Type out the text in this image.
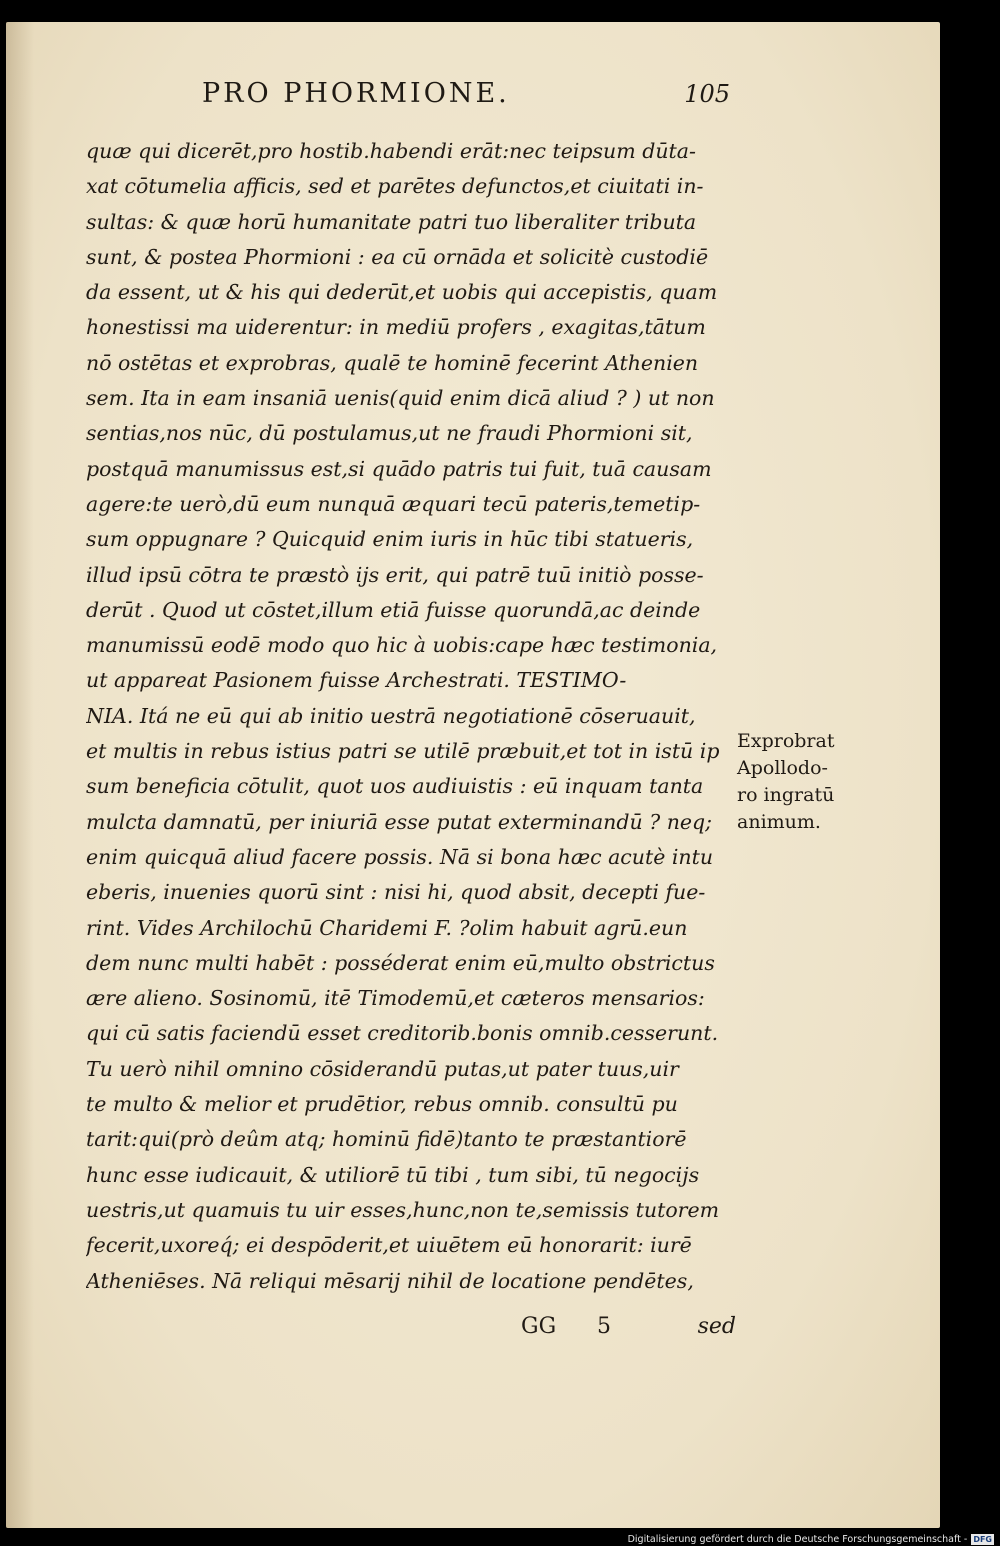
PRO PHORMIONE.	105
quæ qui dicerēt,pro hostib.habendi erāt:nec teipsum dūta-
xat cōtumelia afficis, sed et parētes defunctos,et ciuitati in-
sultas: & quæ horū humanitate patri tuo liberaliter tributa
sunt, & postea Phormioni : ea cū ornāda et solicitè custodiē
da essent, ut & his qui dederūt,et uobis qui accepistis, quam
honestissi ma uiderentur: in mediū profers , exagitas,tātum
nō ostētas et exprobras, qualē te hominē fecerint Athenien
sem. Ita in eam insaniā uenis(quid enim dicā aliud ? ) ut non
sentias,nos nūc, dū postulamus,ut ne fraudi Phormioni sit,
postquā manumissus est,si quādo patris tui fuit, tuā causam
agere:te uerò,dū eum nunquā æquari tecū pateris,temetip-
sum oppugnare ? Quicquid enim iuris in hūc tibi statueris,
illud ipsū cōtra te præstò ijs erit, qui patrē tuū initiò posse-
derūt . Quod ut cōstet,illum etiā fuisse quorundā,ac deinde
manumissū eodē modo quo hic à uobis:cape hæc testimonia,
ut appareat Pasionem fuisse Archestrati. TESTIMO-
NIA. Itá ne eū qui ab initio uestrā negotiationē cōseruauit,
et multis in rebus istius patri se utilē præbuit,et tot in istū ip
sum beneficia cōtulit, quot uos audiuistis : eū inquam tanta
mulcta damnatū, per iniuriā esse putat exterminandū ? neq;
enim quicquā aliud facere possis. Nā si bona hæc acutè intu
eberis, inuenies quorū sint : nisi hi, quod absit, decepti fue-
rint. Vides Archilochū Charidemi F. ?olim habuit agrū.eun
dem nunc multi habēt : posséderat enim eū,multo obstrictus
ære alieno. Sosinomū, itē Timodemū,et cæteros mensarios:
qui cū satis faciendū esset creditorib.bonis omnib.cesserunt.
Tu uerò nihil omnino cōsiderandū putas,ut pater tuus,uir
te multo & melior et prudētior, rebus omnib. consultū pu
tarit:qui(prò deûm atq; hominū fidē)tanto te præstantiorē
hunc esse iudicauit, & utiliorē tū tibi , tum sibi, tū negocijs
uestris,ut quamuis tu uir esses,hunc,non te,semissis tutorem
fecerit,uxoreq́; ei despōderit,et uiuētem eū honorarit: iurē
Atheniēses. Nā reliqui mēsarij nihil de locatione pendētes,
Exprobrat
Apollodo-
ro ingratū
animum.
GG 5	sed
Digitalisierung gefördert durch die Deutsche Forschungsgemeinschaft - DFG
